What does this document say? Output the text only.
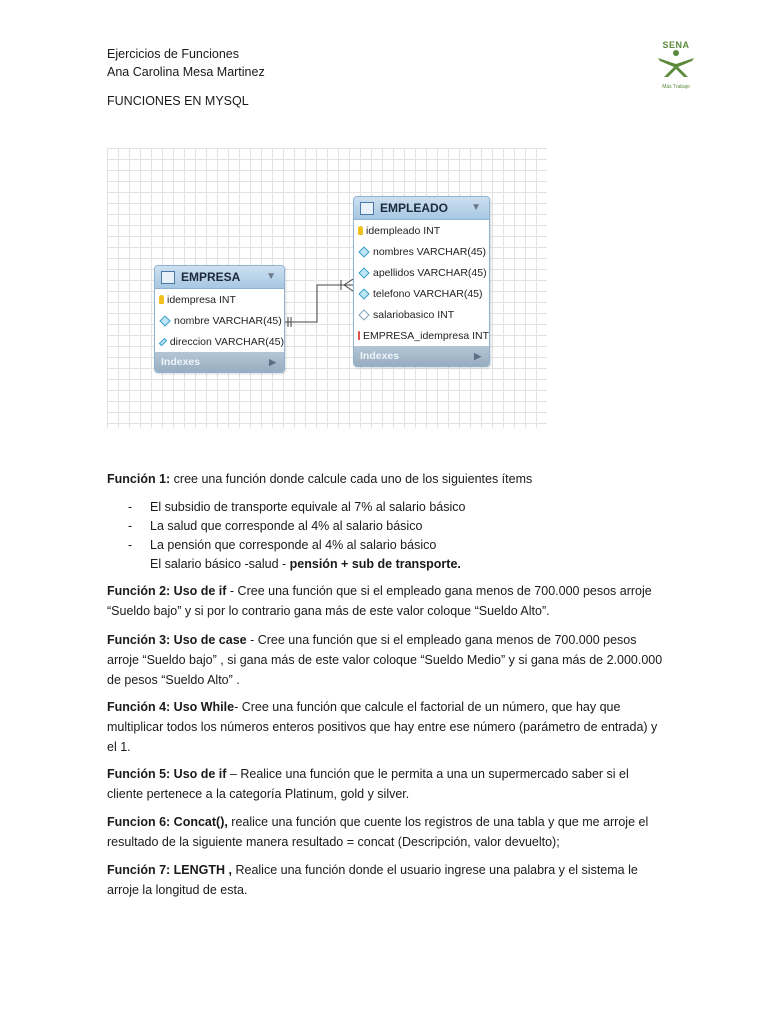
Ejercicios de Funciones
Ana Carolina Mesa Martinez
FUNCIONES EN MYSQL
SENA
Más Trabajo
EMPRESA	▼
idempresa INT
nombre VARCHAR(45)
direccion VARCHAR(45)
Indexes	▶
EMPLEADO ▼
idempleado INT
nombres VARCHAR(45)
apellidos VARCHAR(45)
telefono VARCHAR(45)
salariobasico INT
EMPRESA_idempresa INT
Indexes	▶
Función 1: cree una función donde calcule cada uno de los siguientes ítems
- El subsidio de transporte equivale al 7% al salario básico
- La salud que corresponde al 4% al salario básico
- La pensión que corresponde al 4% al salario básico
El salario básico -salud - pensión + sub de transporte.
Función 2: Uso de if - Cree una función que si el empleado gana menos de 700.000 pesos arroje “Sueldo bajo” y si por lo contrario gana más de este valor coloque “Sueldo Alto”.
Función 3: Uso de case - Cree una función que si el empleado gana menos de 700.000 pesos arroje “Sueldo bajo” , si gana más de este valor coloque “Sueldo Medio” y si gana más de 2.000.000 de pesos “Sueldo Alto” .
Función 4: Uso While- Cree una función que calcule el factorial de un número, que hay que multiplicar todos los números enteros positivos que hay entre ese número (parámetro de entrada) y el 1.
Función 5: Uso de if – Realice una función que le permita a una un supermercado saber si el cliente pertenece a la categoría Platinum, gold y silver.
Funcion 6: Concat(), realice una función que cuente los registros de una tabla y que me arroje el resultado de la siguiente manera resultado = concat (Descripción, valor devuelto);
Función 7: LENGTH , Realice una función donde el usuario ingrese una palabra y el sistema le arroje la longitud de esta.
